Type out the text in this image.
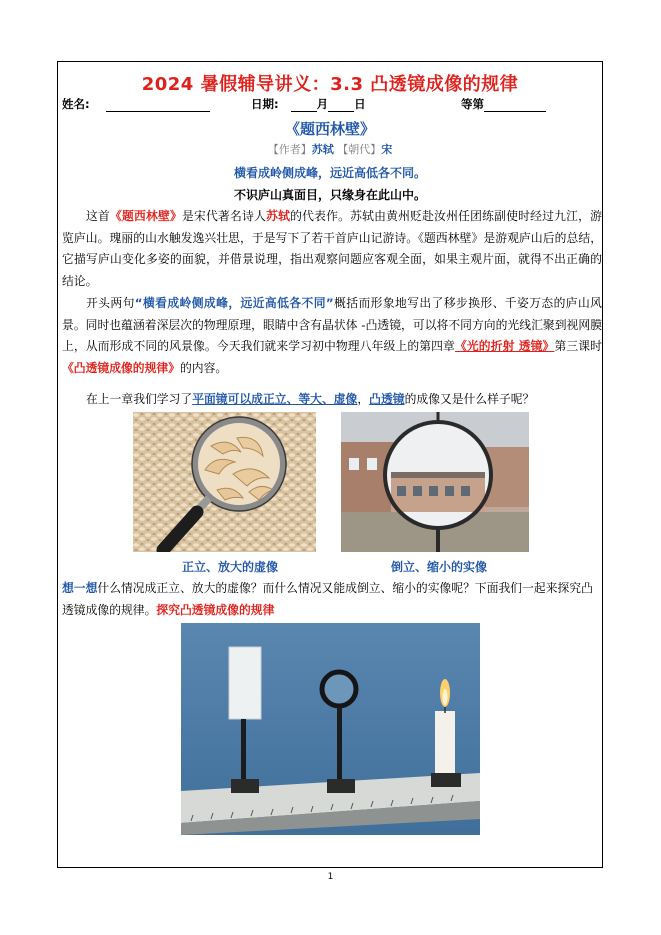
2024 暑假辅导讲义：3.3 凸透镜成像的规律
姓名:	日期:	月 日	等第
《题西林壁》
【作者】苏轼 【朝代】宋
横看成岭侧成峰，远近高低各不同。
不识庐山真面目，只缘身在此山中。
这首《题西林壁》是宋代著名诗人苏轼的代表作。苏轼由黄州贬赴汝州任团练副使时经过九江，游览庐山。瑰丽的山水触发逸兴壮思，于是写下了若干首庐山记游诗。《题西林壁》是游观庐山后的总结，它描写庐山变化多姿的面貌，并借景说理，指出观察问题应客观全面，如果主观片面，就得不出正确的结论。
开头两句“横看成岭侧成峰，远近高低各不同”概括而形象地写出了移步换形、千姿万态的庐山风景。同时也蕴涵着深层次的物理原理，眼睛中含有晶状体 -凸透镜，可以将不同方向的光线汇聚到视网膜上，从而形成不同的风景像。今天我们就来学习初中物理八年级上的第四章《光的折射 透镜》第三课时《凸透镜成像的规律》的内容。
在上一章我们学习了平面镜可以成正立、等大、虚像，凸透镜的成像又是什么样子呢？
正立、放大的虚像	倒立、缩小的实像
想一想什么情况成正立、放大的虚像？而什么情况又能成倒立、缩小的实像呢？下面我们一起来探究凸透镜成像的规律。探究凸透镜成像的规律
1
